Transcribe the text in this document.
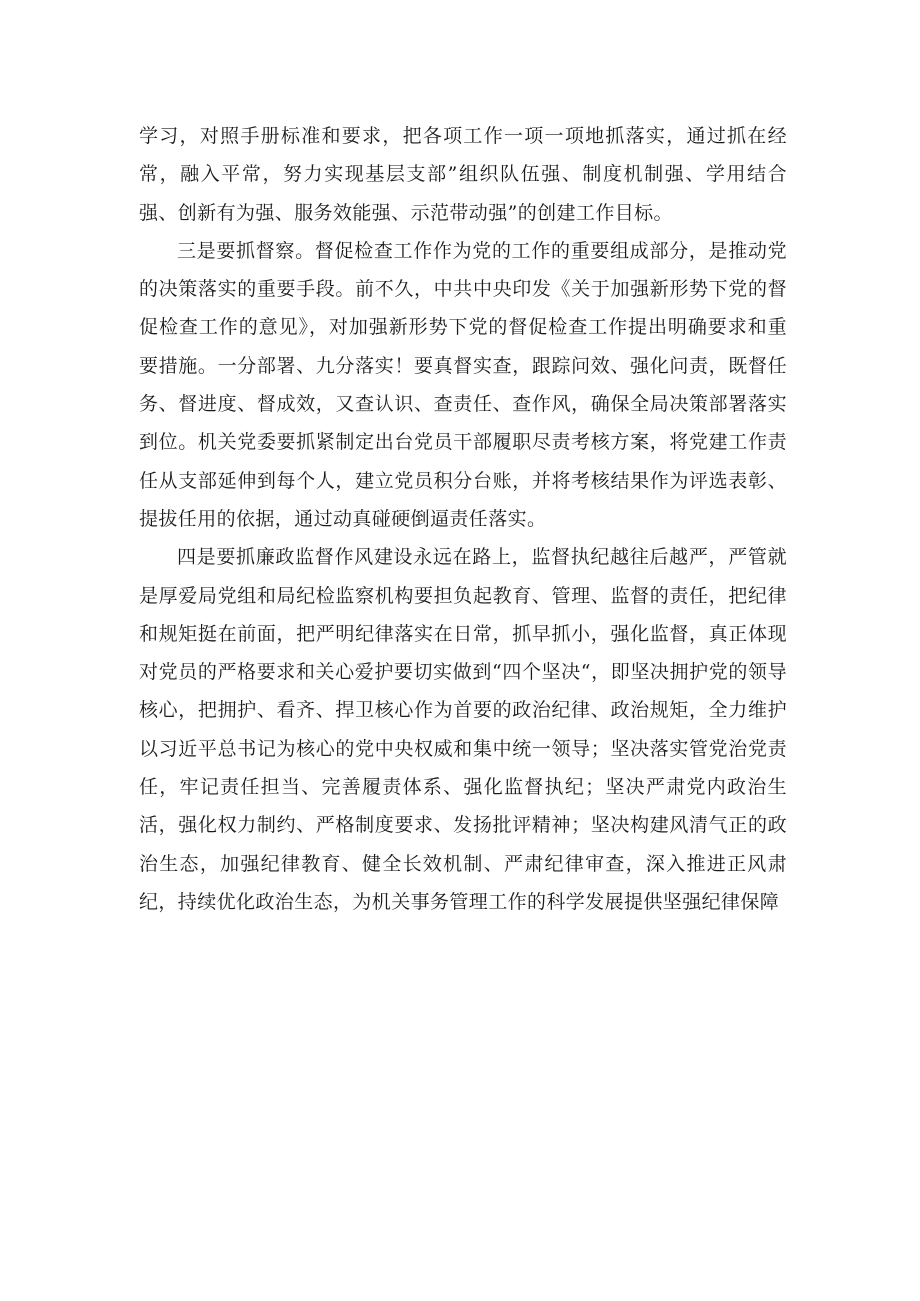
学习，对照手册标准和要求，把各项工作一项一项地抓落实，通过抓在经常，融入平常，努力实现基层支部”组织队伍强、制度机制强、学用结合强、创新有为强、服务效能强、示范带动强”的创建工作目标。

三是要抓督察。督促检查工作作为党的工作的重要组成部分，是推动党的决策落实的重要手段。前不久，中共中央印发《关于加强新形势下党的督促检查工作的意见》，对加强新形势下党的督促检查工作提出明确要求和重要措施。一分部署、九分落实！要真督实查，跟踪问效、强化问责，既督任务、督进度、督成效，又查认识、查责任、查作风，确保全局决策部署落实到位。机关党委要抓紧制定出台党员干部履职尽责考核方案，将党建工作责任从支部延伸到每个人，建立党员积分台账，并将考核结果作为评选表彰、提拔任用的依据，通过动真碰硬倒逼责任落实。

四是要抓廉政监督作风建设永远在路上，监督执纪越往后越严，严管就是厚爱局党组和局纪检监察机构要担负起教育、管理、监督的责任，把纪律和规矩挺在前面，把严明纪律落实在日常，抓早抓小，强化监督，真正体现对党员的严格要求和关心爱护要切实做到“四个坚决“，即坚决拥护党的领导核心，把拥护、看齐、捍卫核心作为首要的政治纪律、政治规矩，全力维护以习近平总书记为核心的党中央权威和集中统一领导；坚决落实管党治党责任，牢记责任担当、完善履责体系、强化监督执纪；坚决严肃党内政治生活，强化权力制约、严格制度要求、发扬批评精神；坚决构建风清气正的政治生态，加强纪律教育、健全长效机制、严肃纪律审查，深入推进正风肃纪，持续优化政治生态，为机关事务管理工作的科学发展提供坚强纪律保障
